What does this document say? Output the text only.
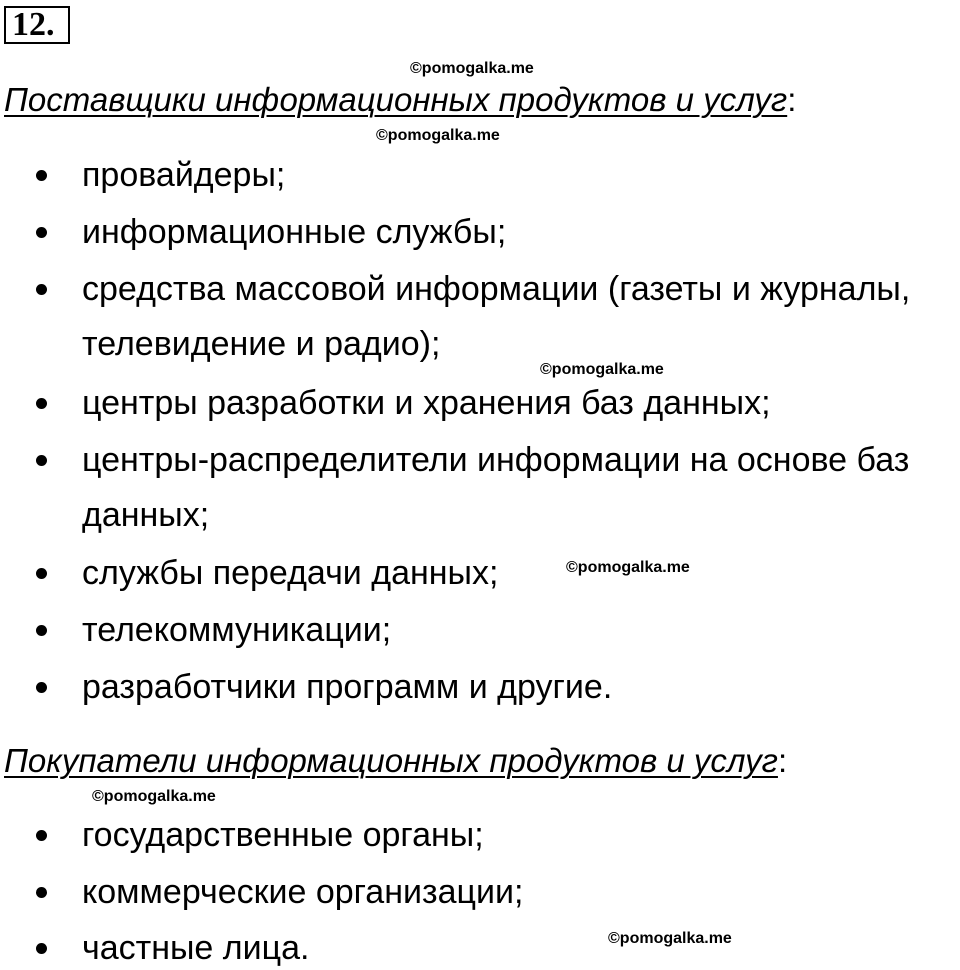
12.
©pomogalka.me
Поставщики информационных продуктов и услуг:
©pomogalka.me
провайдеры;
информационные службы;
средства массовой информации (газеты и журналы,
телевидение и радио);
©pomogalka.me
центры разработки и хранения баз данных;
центры-распределители информации на основе баз
данных;
службы передачи данных;	©pomogalka.me
телекоммуникации;
разработчики программ и другие.
Покупатели информационных продуктов и услуг:
©pomogalka.me
государственные органы;
коммерческие организации;
частные лица.	©pomogalka.me
